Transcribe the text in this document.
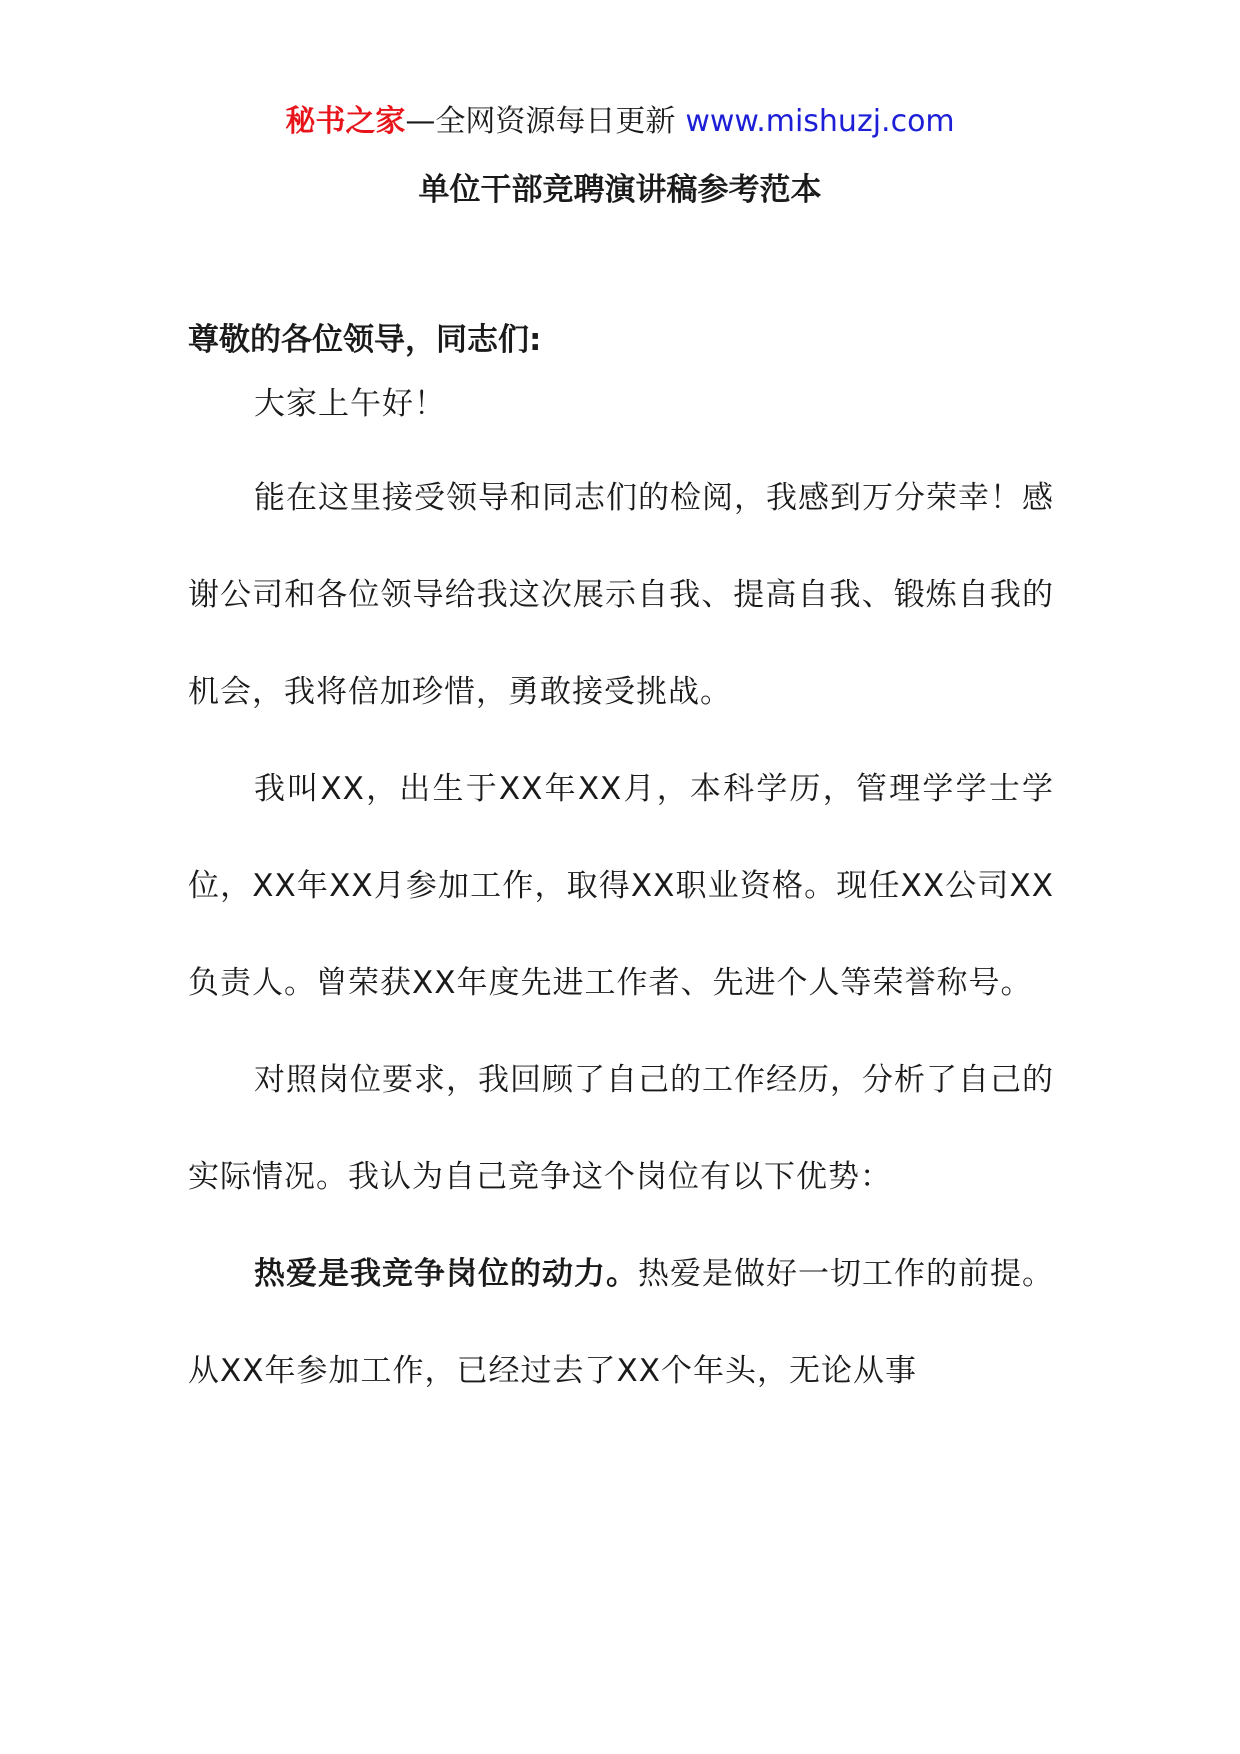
秘书之家—全网资源每日更新 www.mishuzj.com
单位干部竞聘演讲稿参考范本

尊敬的各位领导，同志们:

大家上午好！

能在这里接受领导和同志们的检阅，我感到万分荣幸！感谢公司和各位领导给我这次展示自我、提高自我、锻炼自我的机会，我将倍加珍惜，勇敢接受挑战。

我叫XX，出生于XX年XX月，本科学历，管理学学士学位，XX年XX月参加工作，取得XX职业资格。现任XX公司XX负责人。曾荣获XX年度先进工作者、先进个人等荣誉称号。

对照岗位要求，我回顾了自己的工作经历，分析了自己的实际情况。我认为自己竞争这个岗位有以下优势：

热爱是我竞争岗位的动力。热爱是做好一切工作的前提。从XX年参加工作，已经过去了XX个年头，无论从事
